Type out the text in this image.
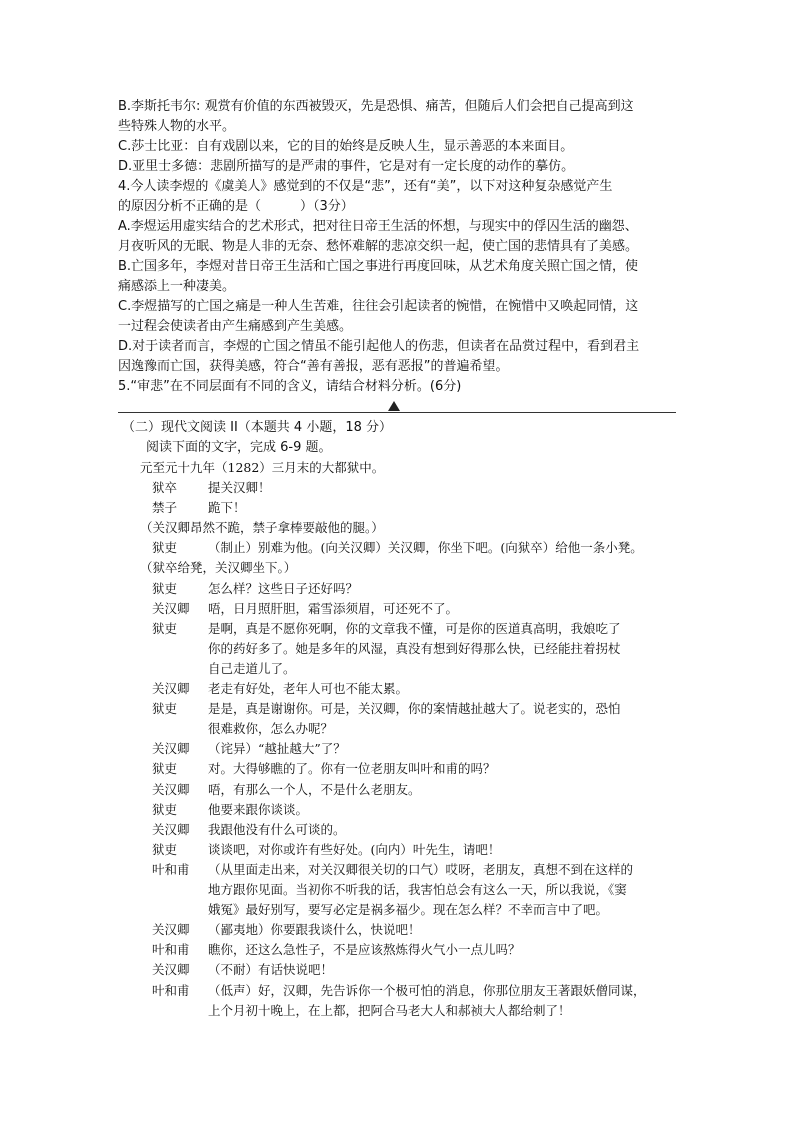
B.李斯托韦尔: 观赏有价值的东西被毁灭，先是恐惧、痛苦，但随后人们会把自己提高到这
些特殊人物的水平。
C.莎士比亚：自有戏剧以来，它的目的始终是反映人生，显示善恶的本来面目。
D.亚里士多德：悲剧所描写的是严肃的事件，它是对有一定长度的动作的摹仿。
4.今人读李煜的《虞美人》感觉到的不仅是“悲”，还有“美”，以下对这种复杂感觉产生
的原因分析不正确的是（　　　）（3分）
A.李煜运用虚实结合的艺术形式，把对往日帝王生活的怀想，与现实中的俘囚生活的幽怨、
月夜听风的无眠、物是人非的无奈、愁怀难解的悲凉交织一起，使亡国的悲情具有了美感。
B.亡国多年，李煜对昔日帝王生活和亡国之事进行再度回味，从艺术角度关照亡国之情，使
痛感添上一种凄美。
C.李煜描写的亡国之痛是一种人生苦难，往往会引起读者的惋惜，在惋惜中又唤起同情，这
一过程会使读者由产生痛感到产生美感。
D.对于读者而言，李煜的亡国之情虽不能引起他人的伤悲，但读者在品赏过程中，看到君主
因逸豫而亡国，获得美感，符合“善有善报，恶有恶报”的普遍希望。
5.“审悲”在不同层面有不同的含义，请结合材料分析。(6分)
（二）现代文阅读 II（本题共 4 小题，18 分）
阅读下面的文字，完成 6-9 题。
元至元十九年（1282）三月末的大都狱中。
狱卒	提关汉卿！
禁子	跪下！
（关汉卿昂然不跪，禁子拿棒要敲他的腿。）
狱吏	（制止）别难为他。(向关汉卿）关汉卿，你坐下吧。(向狱卒）给他一条小凳。
（狱卒给凳，关汉卿坐下。）
狱吏	怎么样？这些日子还好吗？
关汉卿	唔，日月照肝胆，霜雪添须眉，可还死不了。
狱吏	是啊，真是不愿你死啊，你的文章我不懂，可是你的医道真高明，我娘吃了
你的药好多了。她是多年的风湿，真没有想到好得那么快，已经能拄着拐杖
自己走道儿了。
关汉卿	老走有好处，老年人可也不能太累。
狱吏	是是，真是谢谢你。可是，关汉卿，你的案情越扯越大了。说老实的，恐怕
很难救你，怎么办呢？
关汉卿	（诧异）“越扯越大”了？
狱吏	对。大得够瞧的了。你有一位老朋友叫叶和甫的吗？
关汉卿	唔，有那么一个人，不是什么老朋友。
狱吏	他要来跟你谈谈。
关汉卿	我跟他没有什么可谈的。
狱吏	谈谈吧，对你或许有些好处。(向内）叶先生，请吧！
叶和甫	（从里面走出来，对关汉卿很关切的口气）哎呀，老朋友，真想不到在这样的
地方跟你见面。当初你不听我的话，我害怕总会有这么一天，所以我说，《窦
娥冤》最好别写，要写必定是祸多福少。现在怎么样？不幸而言中了吧。
关汉卿	（鄙夷地）你要跟我谈什么，快说吧！
叶和甫	瞧你，还这么急性子，不是应该熬炼得火气小一点儿吗？
关汉卿	（不耐）有话快说吧！
叶和甫	（低声）好，汉卿，先告诉你一个极可怕的消息，你那位朋友王著跟妖僧同谋，
上个月初十晚上，在上都，把阿合马老大人和郝祯大人都给刺了！
